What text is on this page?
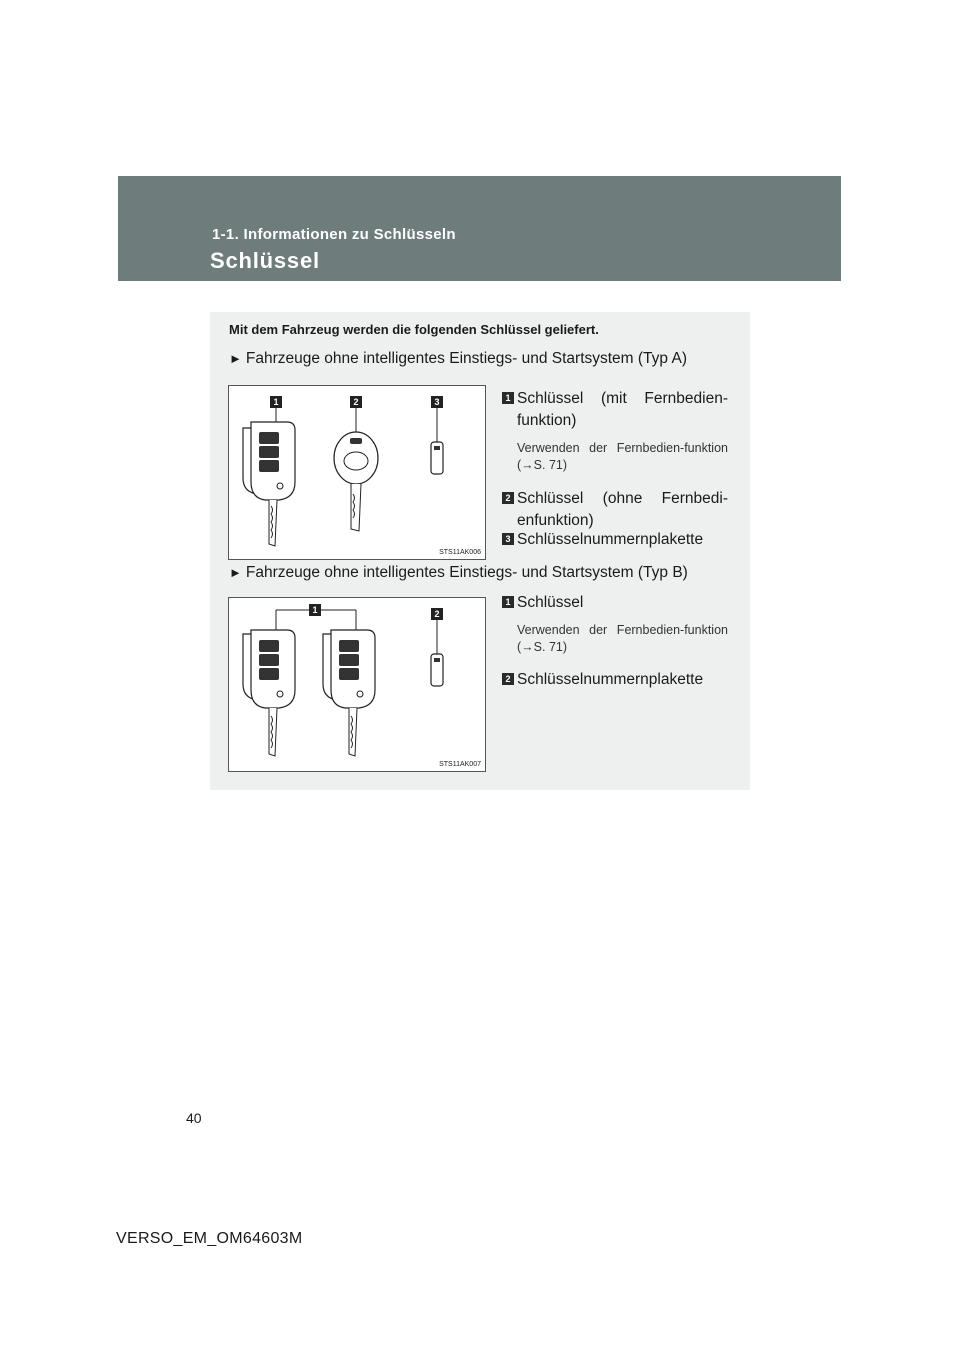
1-1. Informationen zu Schlüsseln
Schlüssel
Mit dem Fahrzeug werden die folgenden Schlüssel geliefert.
► Fahrzeuge ohne intelligentes Einstiegs- und Startsystem (Typ A)
1	2	3
STS11AK006
1 Schlüssel (mit Fernbedien-funktion)
Verwenden der Fernbedien-funktion (→S. 71)
2 Schlüssel (ohne Fernbedi-enfunktion)
3 Schlüsselnummernplakette
► Fahrzeuge ohne intelligentes Einstiegs- und Startsystem (Typ B)
1	2
STS11AK007
1 Schlüssel
Verwenden der Fernbedien-funktion (→S. 71)
2 Schlüsselnummernplakette
40
VERSO_EM_OM64603M
